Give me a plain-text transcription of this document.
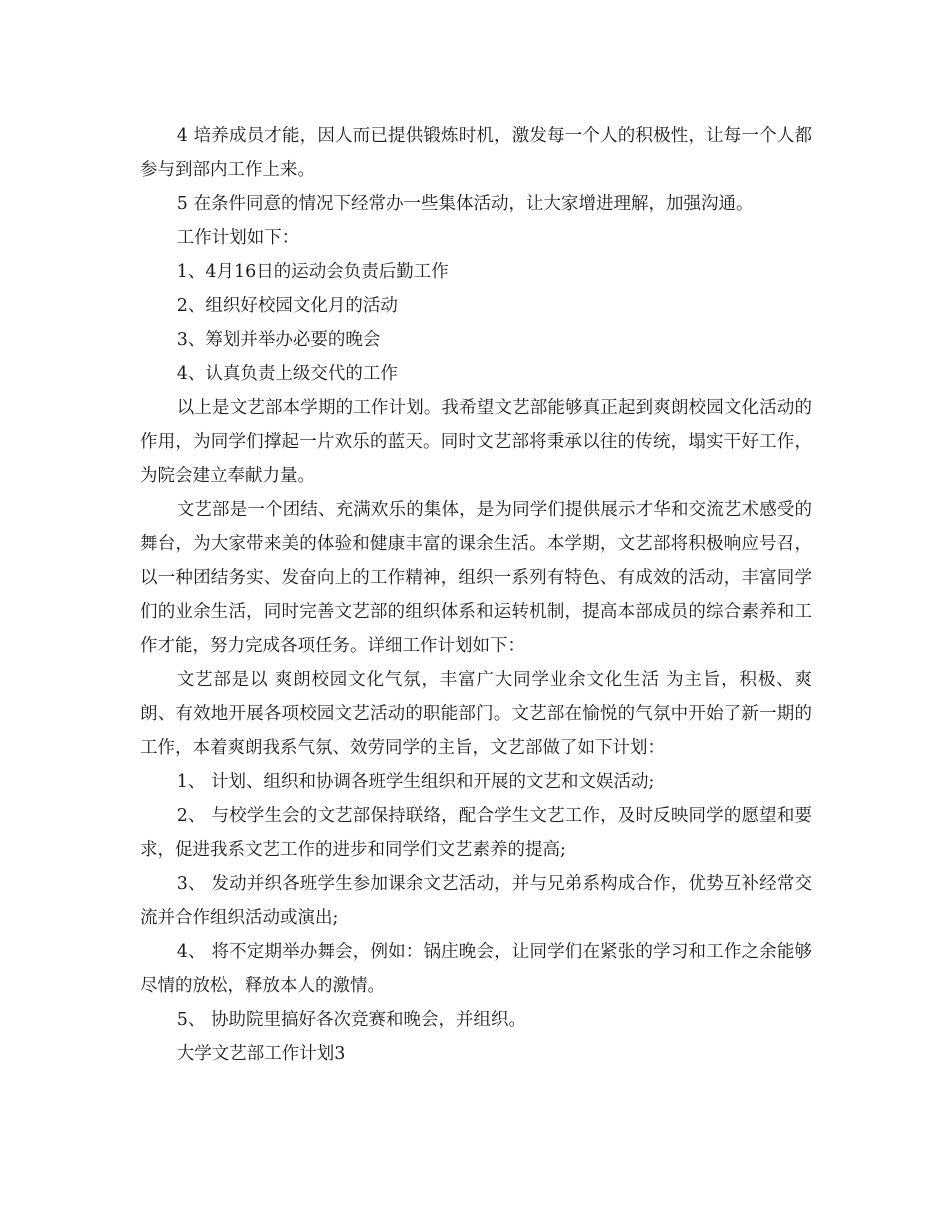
4 培养成员才能，因人而已提供锻炼时机，激发每一个人的积极性，让每一个人都参与到部内工作上来。

5 在条件同意的情况下经常办一些集体活动，让大家增进理解，加强沟通。

工作计划如下：

1、4月16日的运动会负责后勤工作

2、组织好校园文化月的活动

3、筹划并举办必要的晚会

4、认真负责上级交代的工作

以上是文艺部本学期的工作计划。我希望文艺部能够真正起到爽朗校园文化活动的作用，为同学们撑起一片欢乐的蓝天。同时文艺部将秉承以往的传统，塌实干好工作，为院会建立奉献力量。

文艺部是一个团结、充满欢乐的集体，是为同学们提供展示才华和交流艺术感受的舞台，为大家带来美的体验和健康丰富的课余生活。本学期，文艺部将积极响应号召，以一种团结务实、发奋向上的工作精神，组织一系列有特色、有成效的活动，丰富同学们的业余生活，同时完善文艺部的组织体系和运转机制，提高本部成员的综合素养和工作才能，努力完成各项任务。详细工作计划如下：

文艺部是以 爽朗校园文化气氛，丰富广大同学业余文化生活 为主旨，积极、爽朗、有效地开展各项校园文艺活动的职能部门。文艺部在愉悦的气氛中开始了新一期的工作，本着爽朗我系气氛、效劳同学的主旨，文艺部做了如下计划：

1、 计划、组织和协调各班学生组织和开展的文艺和文娱活动;

2、 与校学生会的文艺部保持联络，配合学生文艺工作，及时反映同学的愿望和要求，促进我系文艺工作的进步和同学们文艺素养的提高;

3、 发动并织各班学生参加课余文艺活动，并与兄弟系构成合作，优势互补经常交流并合作组织活动或演出;

4、 将不定期举办舞会，例如：锅庄晚会，让同学们在紧张的学习和工作之余能够尽情的放松，释放本人的激情。

5、 协助院里搞好各次竞赛和晚会，并组织。

大学文艺部工作计划3
